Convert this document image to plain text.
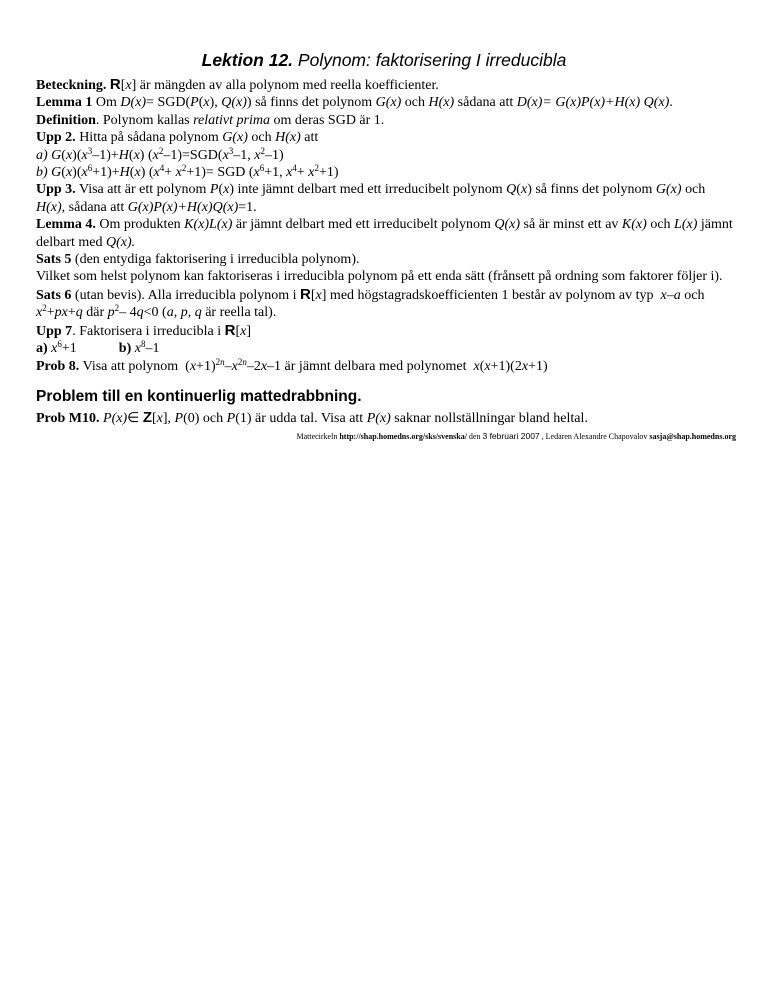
Lektion 12. Polynom: faktorisering I irreducibla

Beteckning. R[x] är mängden av alla polynom med reella koefficienter.

Lemma 1 Om D(x)= SGD(P(x), Q(x)) så finns det polynom G(x) och H(x) sådana att D(x)= G(x)P(x)+H(x) Q(x).

Definition. Polynom kallas relativt prima om deras SGD är 1.

Upp 2. Hitta på sådana polynom G(x) och H(x) att

a) $G(x)(x^3-1)+H(x)$ $(x^2-1)=SGD(x^3-1$, $x^2-1$)

b) $G(x)(x^6+1)+H(x)$ $(x^4+ x^2+1)=$ SGD ($x^6+1$, $x^4+ x^2+1$)

Upp 3. Visa att är ett polynom P(x) inte jämnt delbart med ett irreducibelt polynom Q(x) så finns det polynom G(x) och H(x), sådana att G(x)P(x)+H(x)Q(x)=1.

Lemma 4. Om produkten K(x)L(x) är jämnt delbart med ett irreducibelt polynom Q(x) så är minst ett av K(x) och L(x) jämnt delbart med Q(x).

Sats 5 (den entydiga faktorisering i irreducibla polynom).

Vilket som helst polynom kan faktoriseras i irreducibla polynom på ett enda sätt (frånsett på ordning som faktorer följer i).

Sats 6 (utan bevis). Alla irreducibla polynom i R[x] med högstagradskoefficienten 1 består av polynom av typ  x–a och $x^2+px+q$ där $p^2-$ 4q<0 (a, p, q är reella tal).

Upp 7. Faktorisera i irreducibla i R[x]

a) $x^6+1$	b) $x^8-1$

Prob 8. Visa att polynom  $(x+1)^{2n}-x^{2n}-2x-1$ är jämnt delbara med polynomet  x(x+1)(2x+1)

Problem till en kontinuerlig mattedrabbning.

Prob M10. P(x)∈ Z[x], P(0) och P(1) är udda tal. Visa att P(x) saknar nollställningar bland heltal.

Mattecirkeln http://shap.homedns.org/sks/svenska/ den 3 februari 2007 , Ledaren Alexandre Chapovalov sasja@shap.homedns.org
